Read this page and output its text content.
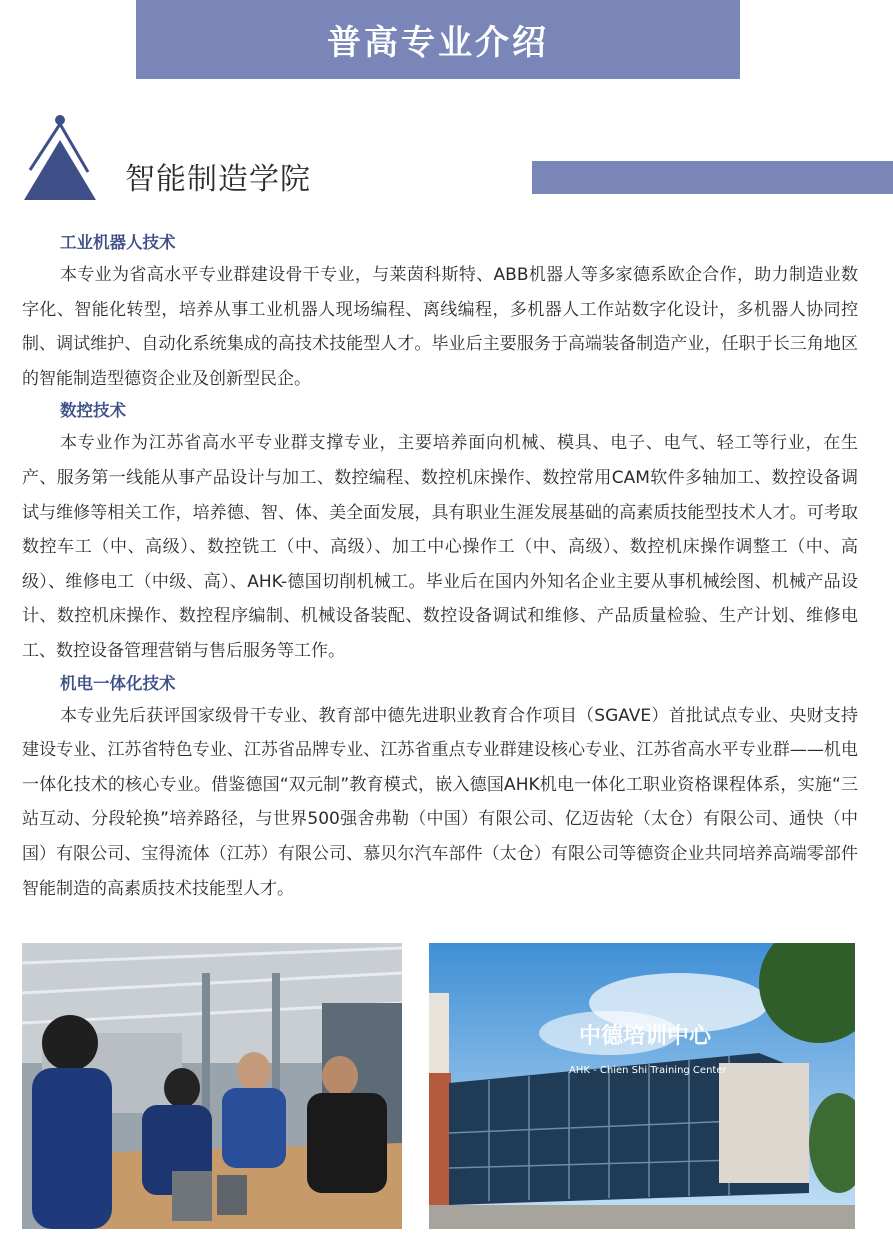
普高专业介绍
智能制造学院
工业机器人技术

本专业为省高水平专业群建设骨干专业，与莱茵科斯特、ABB机器人等多家德系欧企合作，助力制造业数字化、智能化转型，培养从事工业机器人现场编程、离线编程，多机器人工作站数字化设计，多机器人协同控制、调试维护、自动化系统集成的高技术技能型人才。毕业后主要服务于高端装备制造产业，任职于长三角地区的智能制造型德资企业及创新型民企。

数控技术

本专业作为江苏省高水平专业群支撑专业，主要培养面向机械、模具、电子、电气、轻工等行业，在生产、服务第一线能从事产品设计与加工、数控编程、数控机床操作、数控常用CAM软件多轴加工、数控设备调试与维修等相关工作，培养德、智、体、美全面发展，具有职业生涯发展基础的高素质技能型技术人才。可考取数控车工（中、高级）、数控铣工（中、高级）、加工中心操作工（中、高级）、数控机床操作调整工（中、高级）、维修电工（中级、高）、AHK-德国切削机械工。毕业后在国内外知名企业主要从事机械绘图、机械产品设计、数控机床操作、数控程序编制、机械设备装配、数控设备调试和维修、产品质量检验、生产计划、维修电工、数控设备管理营销与售后服务等工作。

机电一体化技术

本专业先后获评国家级骨干专业、教育部中德先进职业教育合作项目（SGAVE）首批试点专业、央财支持建设专业、江苏省特色专业、江苏省品牌专业、江苏省重点专业群建设核心专业、江苏省高水平专业群——机电一体化技术的核心专业。借鉴德国“双元制”教育模式，嵌入德国AHK机电一体化工职业资格课程体系，实施“三站互动、分段轮换”培养路径，与世界500强舍弗勒（中国）有限公司、亿迈齿轮（太仓）有限公司、通快（中国）有限公司、宝得流体（江苏）有限公司、慕贝尔汽车部件（太仓）有限公司等德资企业共同培养高端零部件智能制造的高素质技术技能型人才。

中德培训中心
AHK - Chien Shi Training Center
